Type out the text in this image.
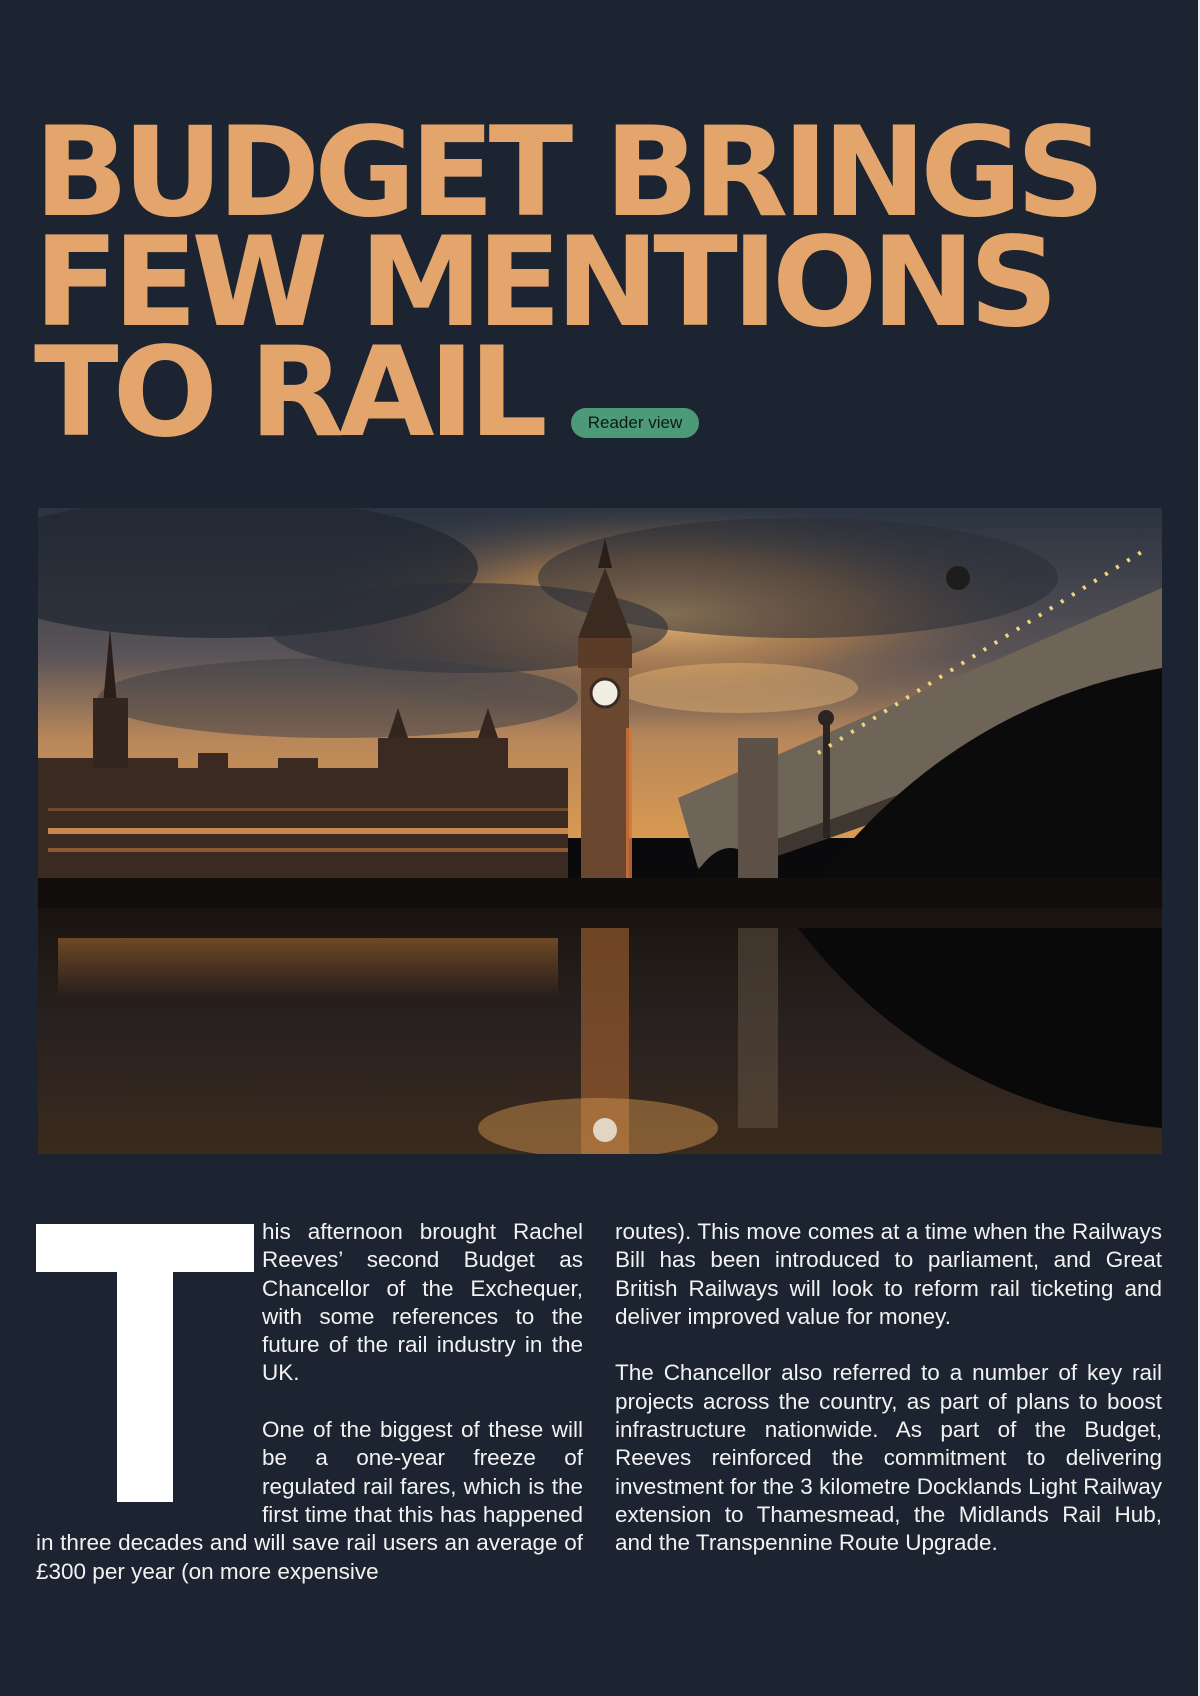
BUDGET BRINGS
FEW MENTIONS
TO RAIL	Reader view

his afternoon brought Rachel Reeves’ second Budget as Chancellor of the Exchequer, with some references to the future of the rail industry in the UK.

One of the biggest of these will be a one-year freeze of regulated rail fares, which is the first time that this has happened in three decades and will save rail users an average of £300 per year (on more expensive

routes). This move comes at a time when the Railways Bill has been introduced to parliament, and Great British Railways will look to reform rail ticketing and deliver improved value for money.

The Chancellor also referred to a number of key rail projects across the country, as part of plans to boost infrastructure nationwide. As part of the Budget, Reeves reinforced the commitment to delivering investment for the 3 kilometre Docklands Light Railway extension to Thamesmead, the Midlands Rail Hub, and the Transpennine Route Upgrade.
